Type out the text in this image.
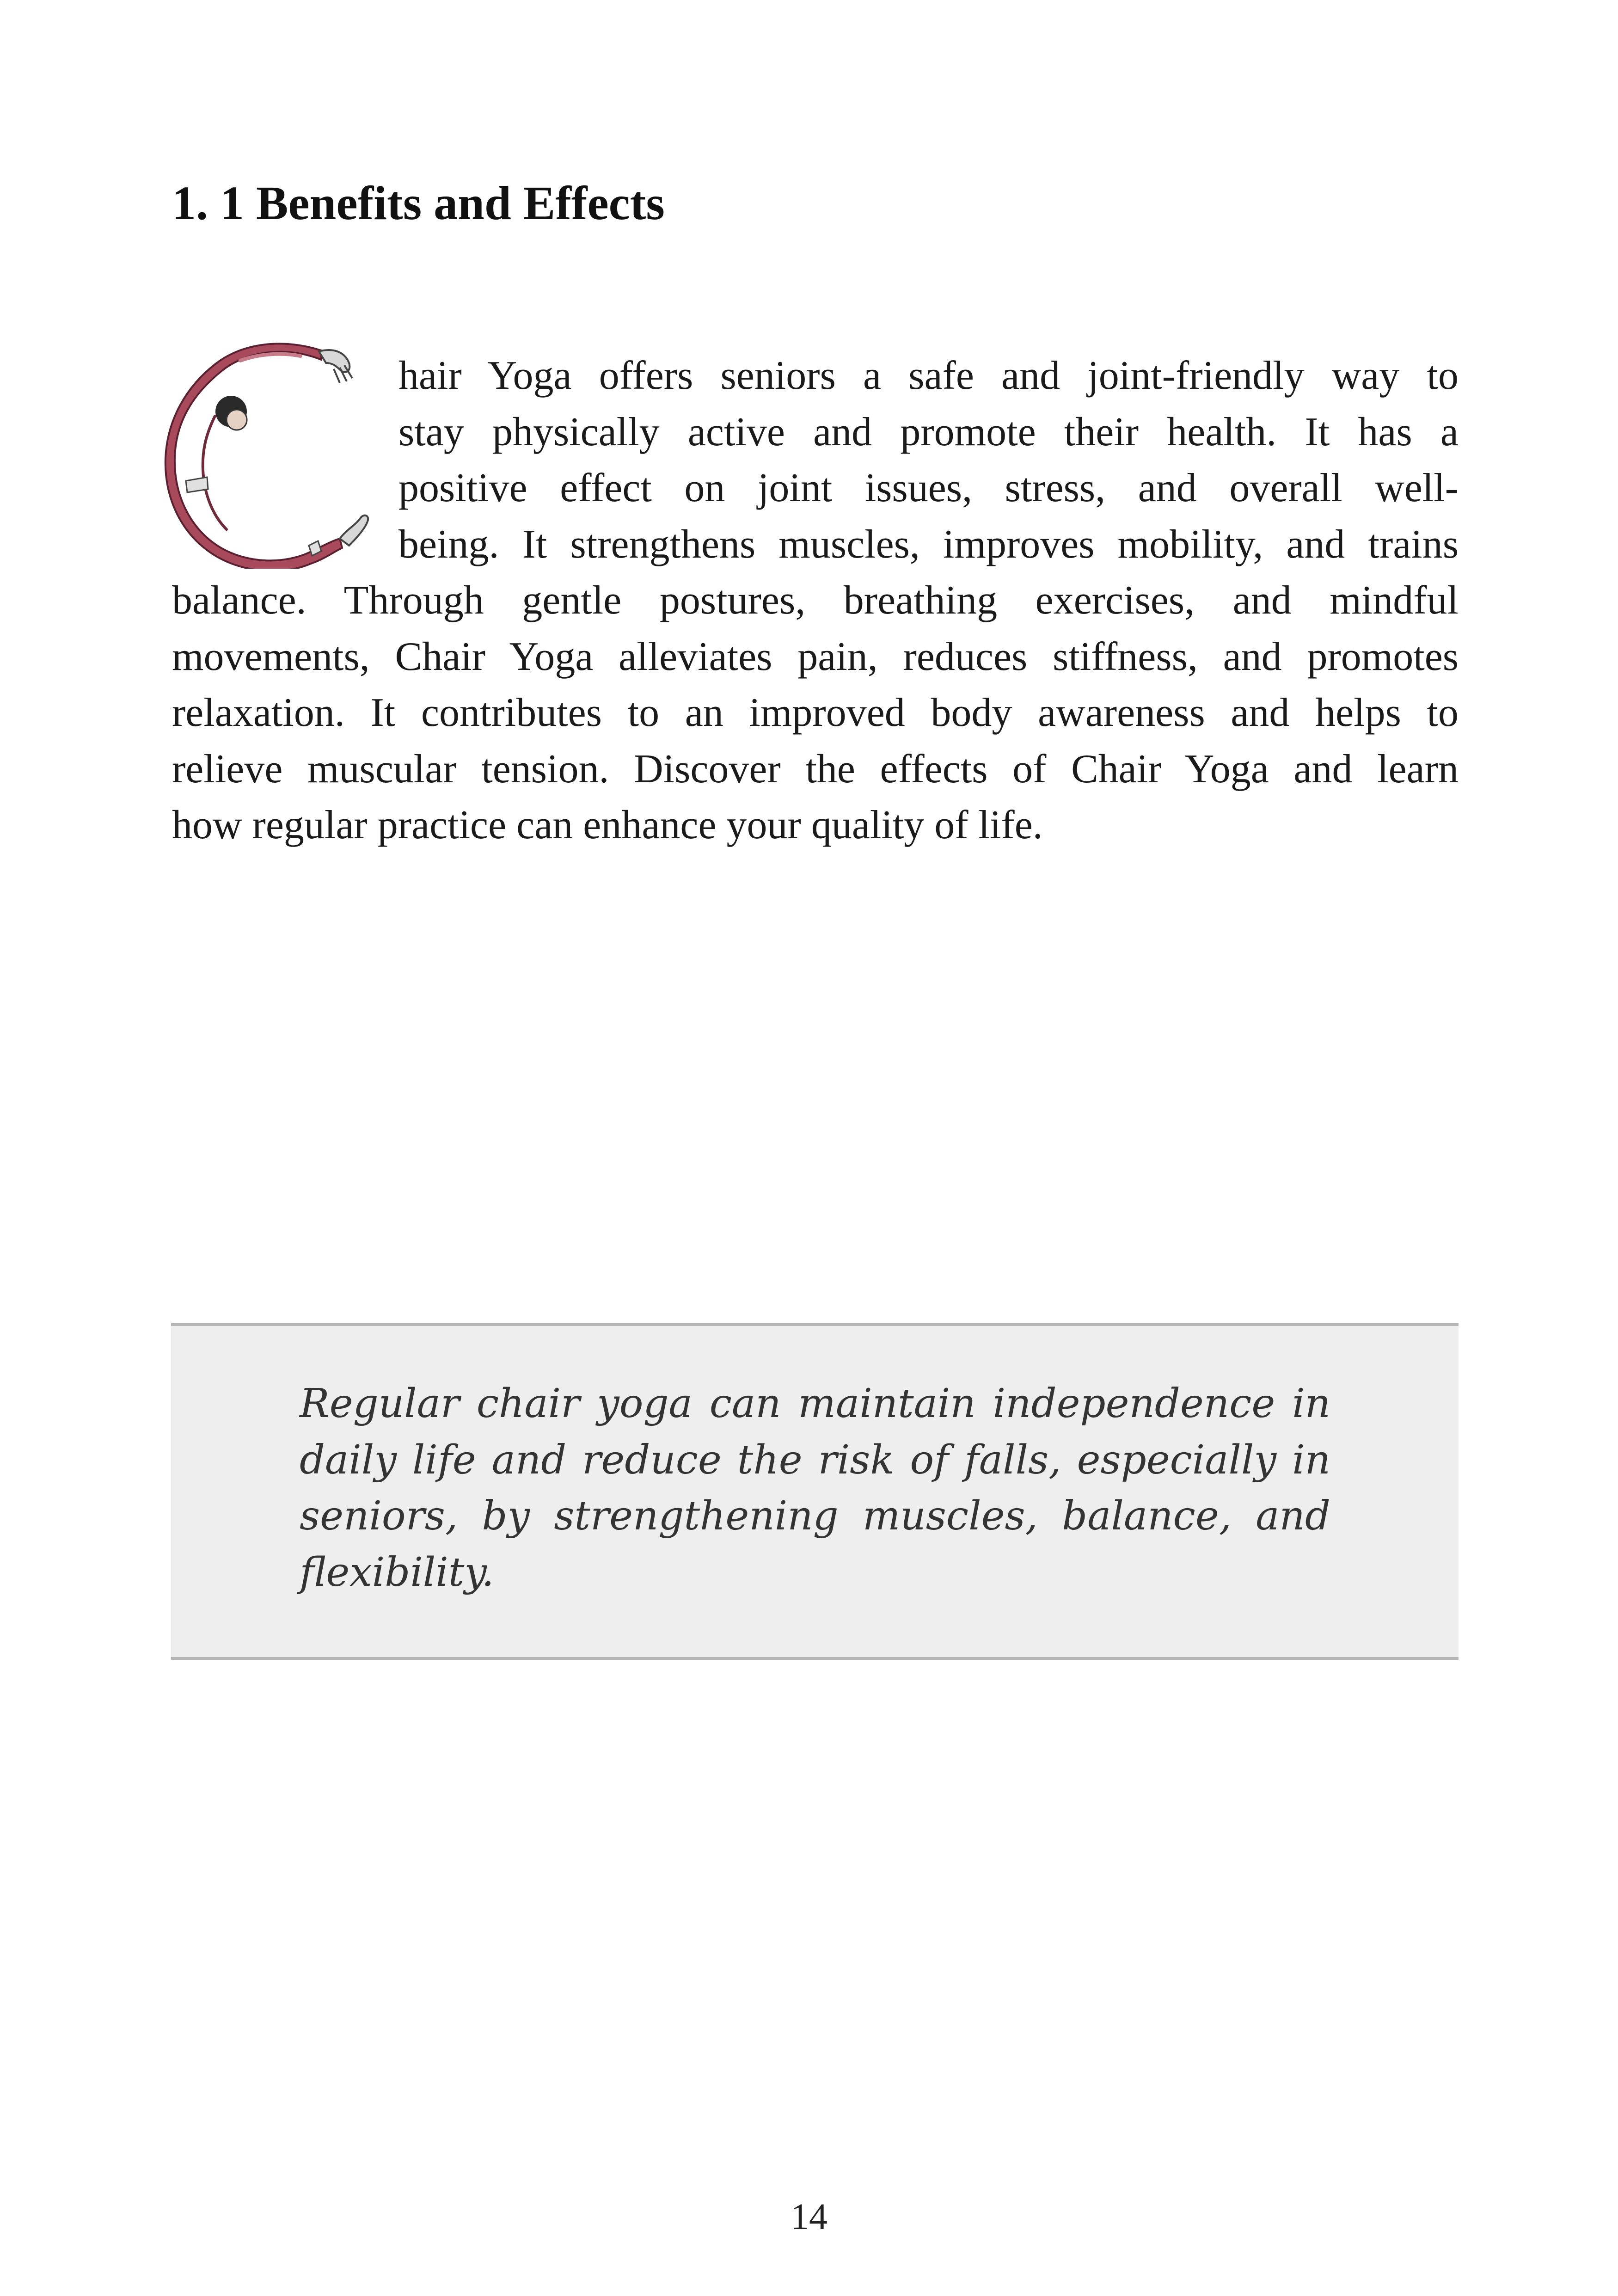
1. 1 Benefits and Effects
hair Yoga offers seniors a safe and joint-friendly way to
stay physically active and promote their health. It has a
positive effect on joint issues, stress, and overall well-
being. It strengthens muscles, improves mobility, and trains
balance. Through gentle postures, breathing exercises, and mindful
movements, Chair Yoga alleviates pain, reduces stiffness, and promotes
relaxation. It contributes to an improved body awareness and helps to
relieve muscular tension. Discover the effects of Chair Yoga and learn
how regular practice can enhance your quality of life.
Regular chair yoga can maintain independence in
daily life and reduce the risk of falls, especially in
seniors, by strengthening muscles, balance, and
flexibility.
14
